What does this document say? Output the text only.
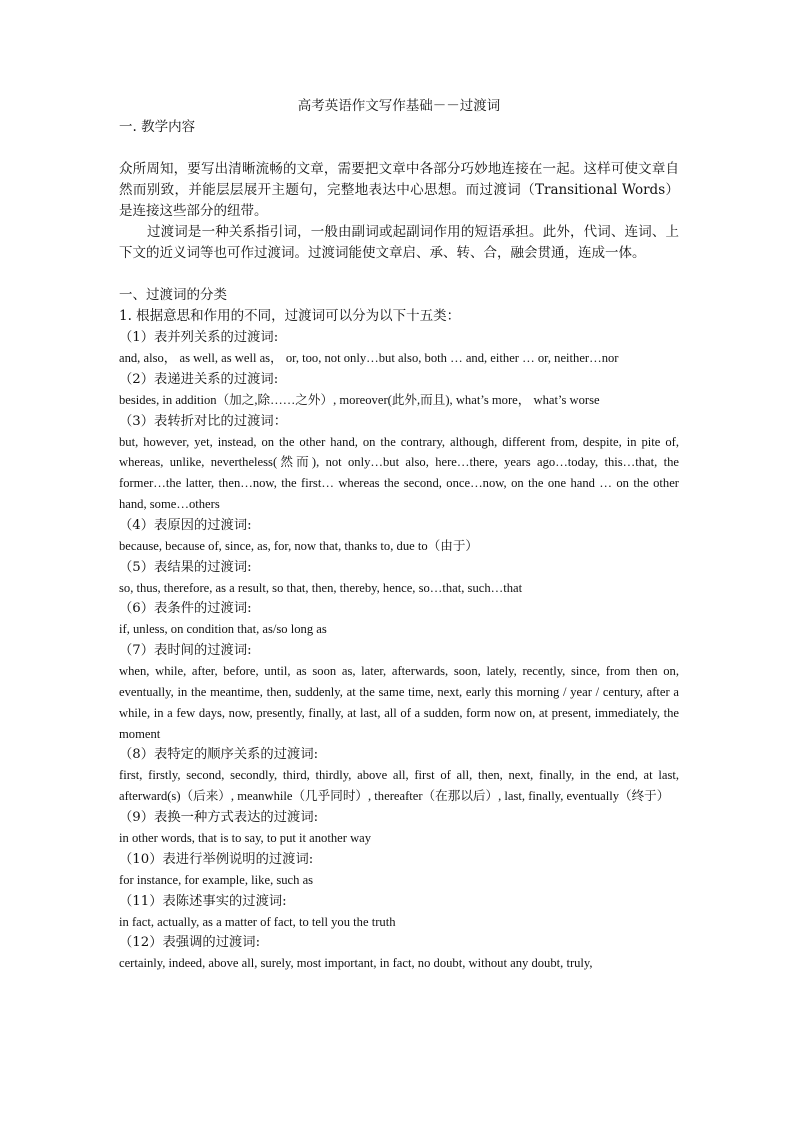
高考英语作文写作基础－－过渡词
一. 教学内容
众所周知，要写出清晰流畅的文章，需要把文章中各部分巧妙地连接在一起。这样可使文章自然而别致，并能层层展开主题句，完整地表达中心思想。而过渡词（Transitional Words）是连接这些部分的纽带。
过渡词是一种关系指引词，一般由副词或起副词作用的短语承担。此外，代词、连词、上下文的近义词等也可作过渡词。过渡词能使文章启、承、转、合，融会贯通，连成一体。
一、过渡词的分类
1. 根据意思和作用的不同，过渡词可以分为以下十五类：
（1）表并列关系的过渡词:
and, also， as well, as well as， or, too, not only…but also, both … and, either … or, neither…nor
（2）表递进关系的过渡词:
besides, in addition（加之,除……之外）, moreover(此外,而且), what’s more， what’s worse
（3）表转折对比的过渡词：
but, however, yet, instead, on the other hand, on the contrary, although, different from, despite, in pite of, whereas, unlike, nevertheless(然而), not only…but also, here…there, years ago…today, this…that, the former…the latter, then…now, the first… whereas the second, once…now, on the one hand … on the other hand, some…others
（4）表原因的过渡词:
because, because of, since, as, for, now that, thanks to, due to（由于）
（5）表结果的过渡词:
so, thus, therefore, as a result, so that, then, thereby, hence, so…that, such…that
（6）表条件的过渡词:
if, unless, on condition that, as/so long as
（7）表时间的过渡词:
when, while, after, before, until, as soon as, later, afterwards, soon, lately, recently, since, from then on, eventually, in the meantime, then, suddenly, at the same time, next, early this morning / year / century, after a while, in a few days, now, presently, finally, at last, all of a sudden, form now on, at present, immediately, the moment
（8）表特定的顺序关系的过渡词:
first, firstly, second, secondly, third, thirdly, above all, first of all, then, next, finally, in the end, at last, afterward(s)（后来）, meanwhile（几乎同时）, thereafter（在那以后）, last, finally, eventually（终于）
（9）表换一种方式表达的过渡词:
in other words, that is to say, to put it another way
（10）表进行举例说明的过渡词:
for instance, for example, like, such as
（11）表陈述事实的过渡词:
in fact, actually, as a matter of fact, to tell you the truth
（12）表强调的过渡词:
certainly, indeed, above all, surely, most important, in fact, no doubt, without any doubt, truly,
